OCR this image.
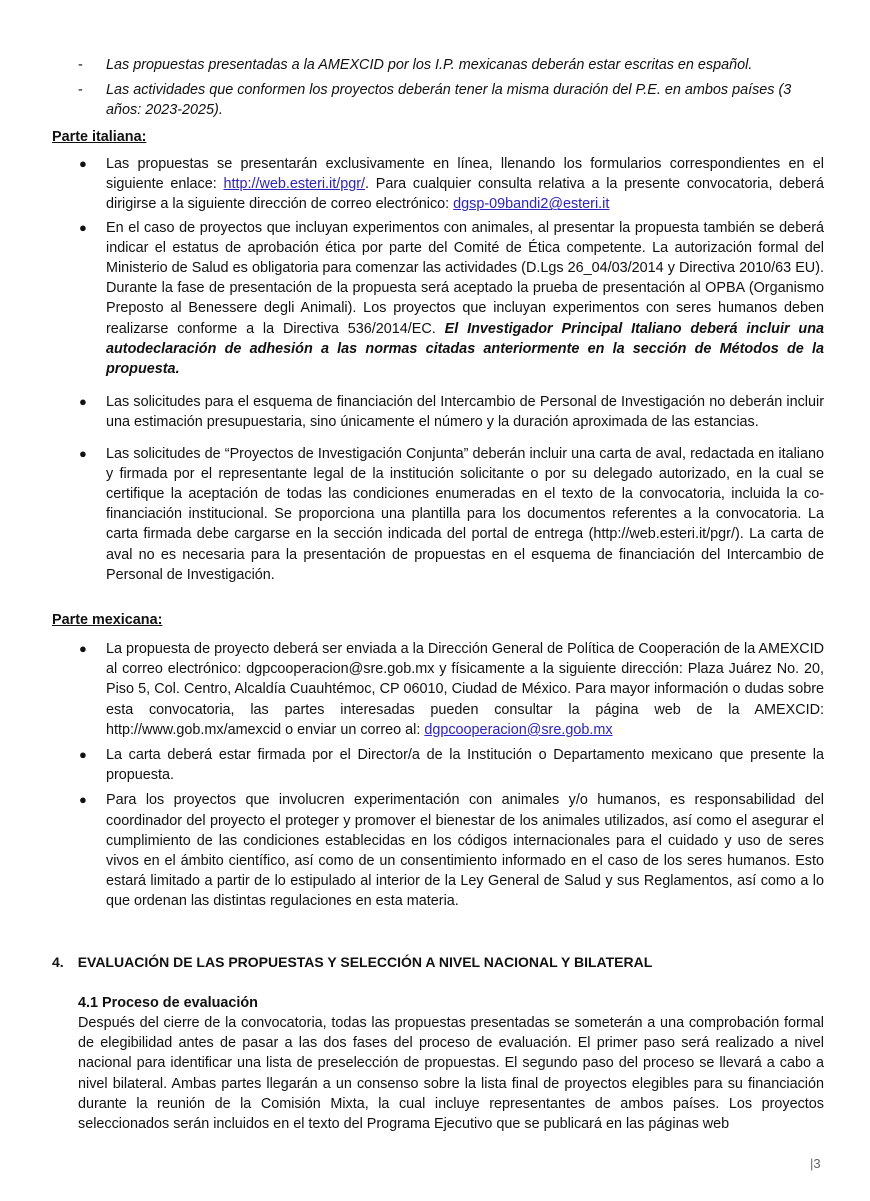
- Las propuestas presentadas a la AMEXCID por los I.P. mexicanas deberán estar escritas en español.
- Las actividades que conformen los proyectos deberán tener la misma duración del P.E. en ambos países (3 años: 2023-2025).
Parte italiana:
● Las propuestas se presentarán exclusivamente en línea, llenando los formularios correspondientes en el siguiente enlace: http://web.esteri.it/pgr/. Para cualquier consulta relativa a la presente convocatoria, deberá dirigirse a la siguiente dirección de correo electrónico: dgsp-09bandi2@esteri.it
● En el caso de proyectos que incluyan experimentos con animales, al presentar la propuesta también se deberá indicar el estatus de aprobación ética por parte del Comité de Ética competente. La autorización formal del Ministerio de Salud es obligatoria para comenzar las actividades (D.Lgs 26_04/03/2014 y Directiva 2010/63 EU). Durante la fase de presentación de la propuesta será aceptado la prueba de presentación al OPBA (Organismo Preposto al Benessere degli Animali). Los proyectos que incluyan experimentos con seres humanos deben realizarse conforme a la Directiva 536/2014/EC. El Investigador Principal Italiano deberá incluir una autodeclaración de adhesión a las normas citadas anteriormente en la sección de Métodos de la propuesta.
● Las solicitudes para el esquema de financiación del Intercambio de Personal de Investigación no deberán incluir una estimación presupuestaria, sino únicamente el número y la duración aproximada de las estancias.
● Las solicitudes de “Proyectos de Investigación Conjunta” deberán incluir una carta de aval, redactada en italiano y firmada por el representante legal de la institución solicitante o por su delegado autorizado, en la cual se certifique la aceptación de todas las condiciones enumeradas en el texto de la convocatoria, incluida la co-financiación institucional. Se proporciona una plantilla para los documentos referentes a la convocatoria. La carta firmada debe cargarse en la sección indicada del portal de entrega (http://web.esteri.it/pgr/). La carta de aval no es necesaria para la presentación de propuestas en el esquema de financiación del Intercambio de Personal de Investigación.
Parte mexicana:
● La propuesta de proyecto deberá ser enviada a la Dirección General de Política de Cooperación de la AMEXCID al correo electrónico: dgpcooperacion@sre.gob.mx y físicamente a la siguiente dirección: Plaza Juárez No. 20, Piso 5, Col. Centro, Alcaldía Cuauhtémoc, CP 06010, Ciudad de México. Para mayor información o dudas sobre esta convocatoria, las partes interesadas pueden consultar la página web de la AMEXCID: http://www.gob.mx/amexcid o enviar un correo al: dgpcooperacion@sre.gob.mx
● La carta deberá estar firmada por el Director/a de la Institución o Departamento mexicano que presente la propuesta.
● Para los proyectos que involucren experimentación con animales y/o humanos, es responsabilidad del coordinador del proyecto el proteger y promover el bienestar de los animales utilizados, así como el asegurar el cumplimiento de las condiciones establecidas en los códigos internacionales para el cuidado y uso de seres vivos en el ámbito científico, así como de un consentimiento informado en el caso de los seres humanos. Esto estará limitado a partir de lo estipulado al interior de la Ley General de Salud y sus Reglamentos, así como a lo que ordenan las distintas regulaciones en esta materia.
4. EVALUACIÓN DE LAS PROPUESTAS Y SELECCIÓN A NIVEL NACIONAL Y BILATERAL
4.1 Proceso de evaluación
Después del cierre de la convocatoria, todas las propuestas presentadas se someterán a una comprobación formal de elegibilidad antes de pasar a las dos fases del proceso de evaluación. El primer paso será realizado a nivel nacional para identificar una lista de preselección de propuestas. El segundo paso del proceso se llevará a cabo a nivel bilateral. Ambas partes llegarán a un consenso sobre la lista final de proyectos elegibles para su financiación durante la reunión de la Comisión Mixta, la cual incluye representantes de ambos países. Los proyectos seleccionados serán incluidos en el texto del Programa Ejecutivo que se publicará en las páginas web
|3
